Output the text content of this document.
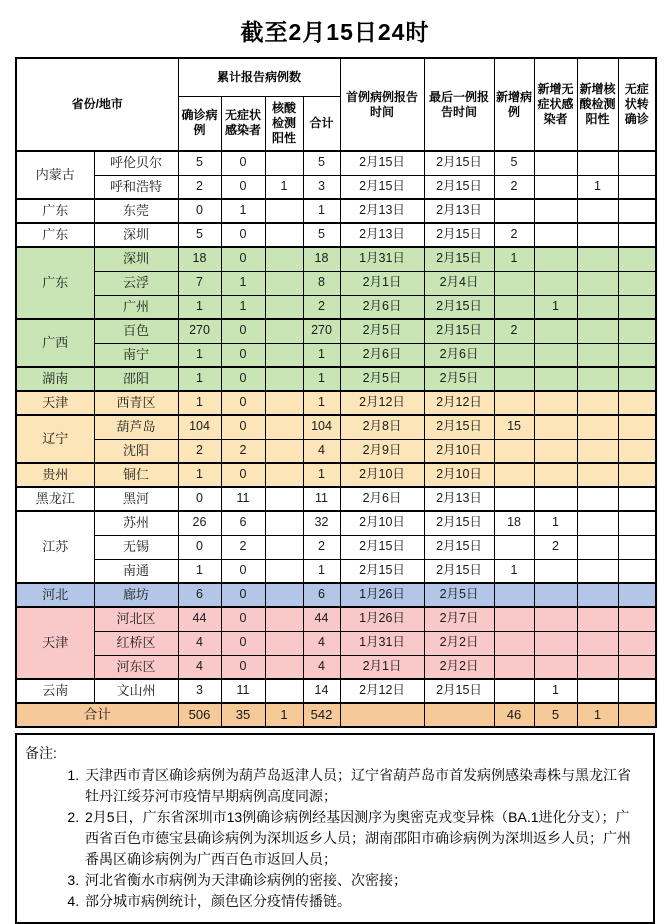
截至2月15日24时
省份/地市		累计报告病例数				首例病例报告时间	最后一例报告时间	新增病例	新增无症状感染者	新增核酸检测阳性	无症状转确诊
		确诊病例	无症状感染者	核酸检测阳性	合计						
内蒙古	呼伦贝尔	5	0		5	2月15日	2月15日	5			
	呼和浩特	2	0	1	3	2月15日	2月15日	2		1	
广东	东莞	0	1		1	2月13日	2月13日				
广东	深圳	5	0		5	2月13日	2月15日	2			
广东	深圳	18	0		18	1月31日	2月15日	1			
	云浮	7	1		8	2月1日	2月4日				
	广州	1	1		2	2月6日	2月15日		1		
广西	百色	270	0		270	2月5日	2月15日	2			
	南宁	1	0		1	2月6日	2月6日				
湖南	邵阳	1	0		1	2月5日	2月5日				
天津	西青区	1	0		1	2月12日	2月12日				
辽宁	葫芦岛	104	0		104	2月8日	2月15日	15			
	沈阳	2	2		4	2月9日	2月10日				
贵州	铜仁	1	0		1	2月10日	2月10日				
黑龙江	黑河	0	11		11	2月6日	2月13日				
江苏	苏州	26	6		32	2月10日	2月15日	18	1		
	无锡	0	2		2	2月15日	2月15日		2		
	南通	1	0		1	2月15日	2月15日	1			
河北	廊坊	6	0		6	1月26日	2月5日				
天津	河北区	44	0		44	1月26日	2月7日				
	红桥区	4	0		4	1月31日	2月2日				
	河东区	4	0		4	2月1日	2月2日				
云南	文山州	3	11		14	2月12日	2月15日		1		
合计		506	35	1	542			46	5	1	
备注:
1. 天津西市青区确诊病例为葫芦岛返津人员；辽宁省葫芦岛市首发病例感染毒株与黑龙江省牡丹江绥芬河市疫情早期病例高度同源；
2. 2月5日，广东省深圳市13例确诊病例经基因测序为奥密克戎变异株（BA.1进化分支）；广西省百色市德宝县确诊病例为深圳返乡人员；湖南邵阳市确诊病例为深圳返乡人员；广州番禺区确诊病例为广西百色市返回人员；
3. 河北省衡水市病例为天津确诊病例的密接、次密接；
4. 部分城市病例统计，颜色区分疫情传播链。
